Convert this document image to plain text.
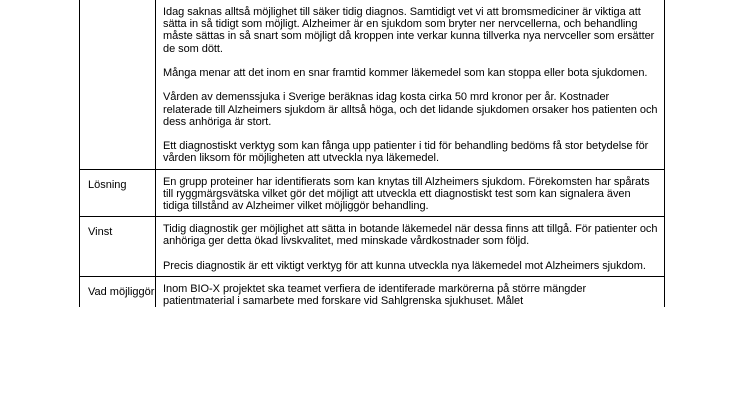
Idag saknas alltså möjlighet till säker tidig diagnos. Samtidigt vet vi att bromsmediciner är viktiga att sätta in så tidigt som möjligt. Alzheimer är en sjukdom som bryter ner nervcellerna, och behandling måste sättas in så snart som möjligt då kroppen inte verkar kunna tillverka nya nervceller som ersätter de som dött.

Många menar att det inom en snar framtid kommer läkemedel som kan stoppa eller bota sjukdomen.

Vården av demenssjuka i Sverige beräknas idag kosta cirka 50 mrd kronor per år. Kostnader relaterade till Alzheimers sjukdom är alltså höga, och det lidande sjukdomen orsaker hos patienten och dess anhöriga är stort.

Ett diagnostiskt verktyg som kan fånga upp patienter i tid för behandling bedöms få stor betydelse för vården liksom för möjligheten att utveckla nya läkemedel.

Lösning	En grupp proteiner har identifierats som kan knytas till Alzheimers sjukdom. Förekomsten har spårats till ryggmärgsvätska vilket gör det möjligt att utveckla ett diagnostiskt test som kan signalera även tidiga tillstånd av Alzheimer vilket möjliggör behandling.

Vinst	Tidig diagnostik ger möjlighet att sätta in botande läkemedel när dessa finns att tillgå. För patienter och anhöriga ger detta ökad livskvalitet, med minskade vårdkostnader som följd.

Precis diagnostik är ett viktigt verktyg för att kunna utveckla nya läkemedel mot Alzheimers sjukdom.

Vad möjliggör Inom BIO-X projektet ska teamet verfiera de identiferade markörerna på större mängder patientmaterial i samarbete med forskare vid Sahlgrenska sjukhuset. Målet
